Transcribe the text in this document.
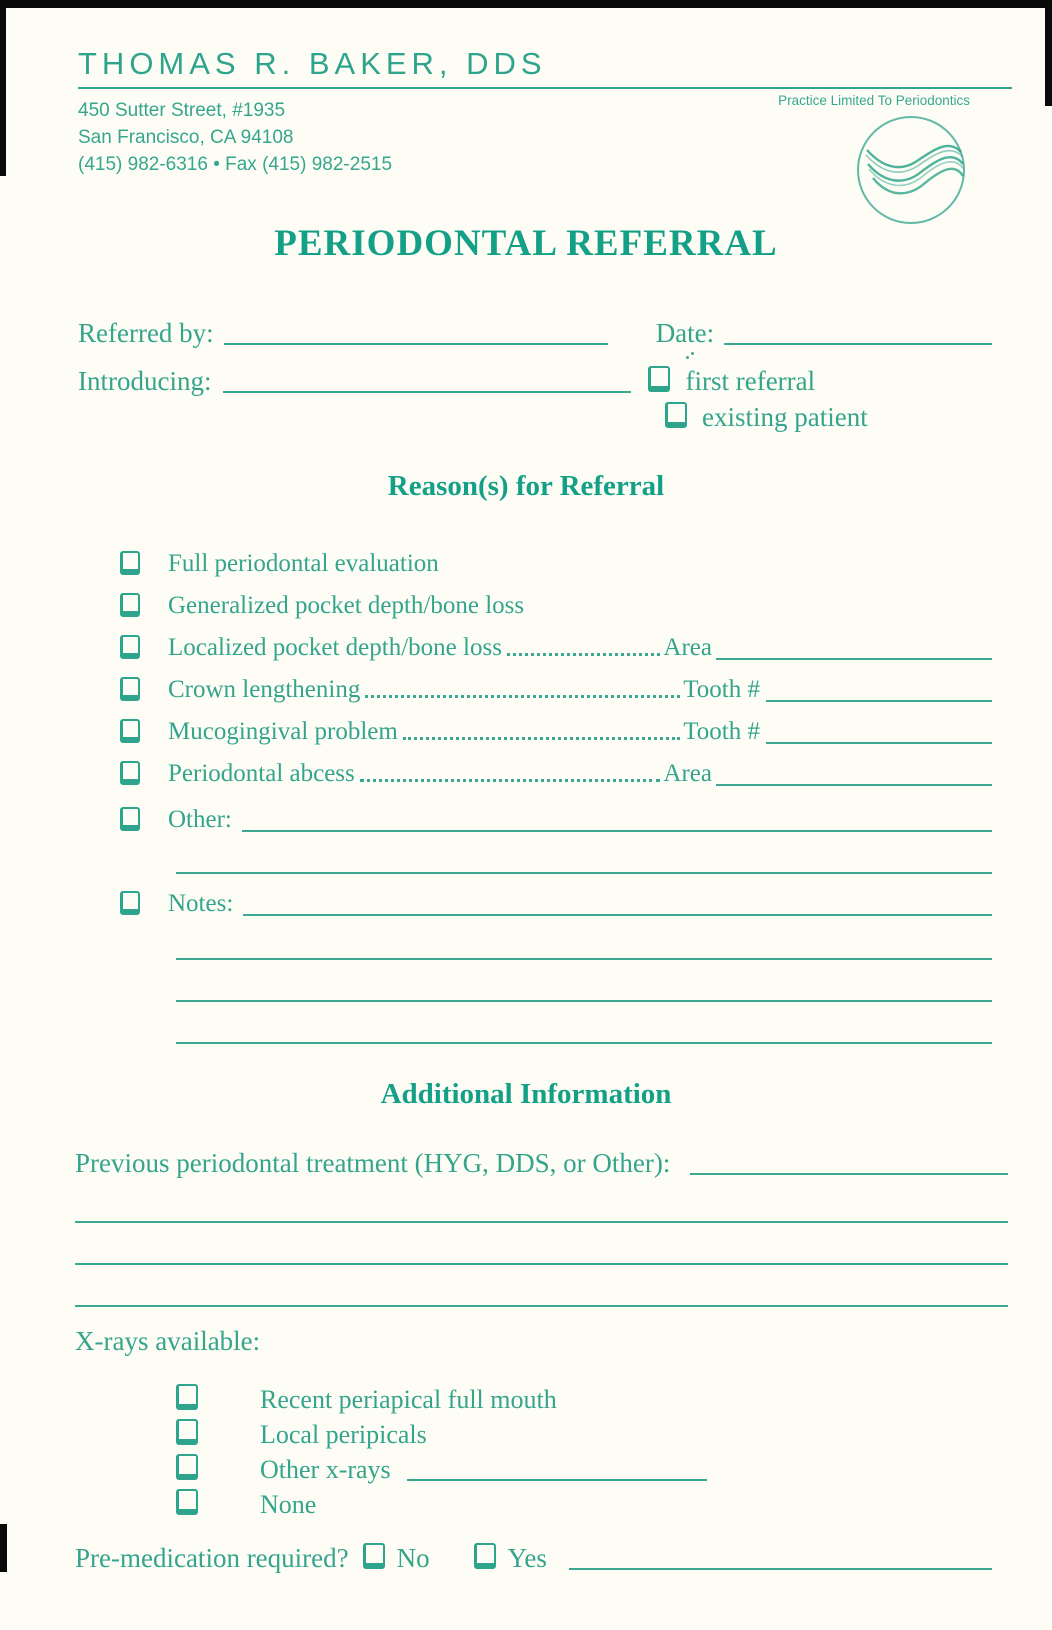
THOMAS R. BAKER, DDS
450 Sutter Street, #1935
San Francisco, CA 94108
(415) 982-6316 • Fax (415) 982-2515
Practice Limited To Periodontics
PERIODONTAL REFERRAL
Referred by:	Date:
Introducing:	first referral
existing patient
Reason(s) for Referral
Full periodontal evaluation
Generalized pocket depth/bone loss
Localized pocket depth/bone loss	Area
Crown lengthening	Tooth #
Mucogingival problem	Tooth #
Periodontal abcess	Area
Other:
Notes:
Additional Information
Previous periodontal treatment (HYG, DDS, or Other):
X-rays available:
Recent periapical full mouth
Local peripicals
Other x-rays
None
Pre-medication required? No	Yes
